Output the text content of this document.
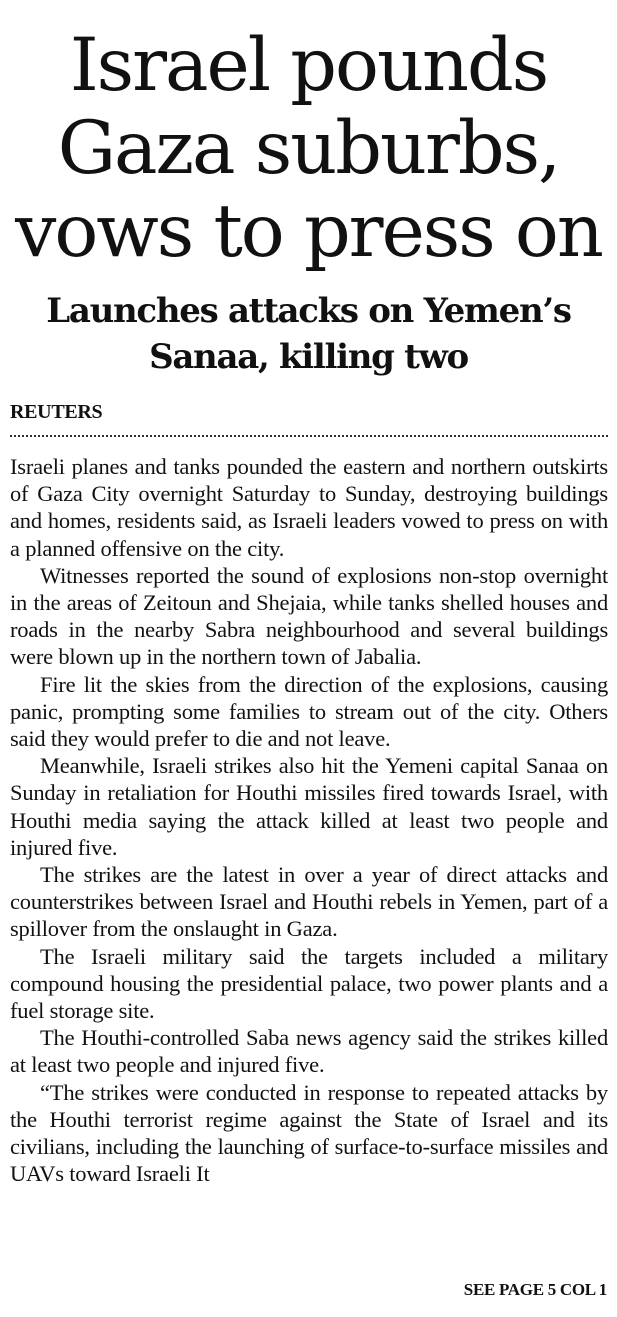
Israel pounds Gaza suburbs, vows to press on
Launches attacks on Yemen’s Sanaa, killing two
REUTERS

Israeli planes and tanks pounded the eastern and northern outskirts of Gaza City overnight Saturday to Sunday, destroying buildings and homes, residents said, as Israeli leaders vowed to press on with a planned offensive on the city.

Witnesses reported the sound of explosions non-stop overnight in the areas of Zeitoun and Shejaia, while tanks shelled houses and roads in the nearby Sabra neighbourhood and several buildings were blown up in the northern town of Jabalia.

Fire lit the skies from the direction of the explosions, causing panic, prompting some families to stream out of the city. Others said they would prefer to die and not leave.

Meanwhile, Israeli strikes also hit the Yemeni capital Sanaa on Sunday in retaliation for Houthi missiles fired towards Israel, with Houthi media saying the attack killed at least two people and injured five.

The strikes are the latest in over a year of direct attacks and counterstrikes between Israel and Houthi rebels in Yemen, part of a spillover from the onslaught in Gaza.

The Israeli military said the targets included a military compound housing the presidential palace, two power plants and a fuel storage site.

The Houthi-controlled Saba news agency said the strikes killed at least two people and injured five.

“The strikes were conducted in response to repeated attacks by the Houthi terrorist regime against the State of Israel and its civilians, including the launching of surface-to-surface missiles and UAVs toward Israeli It

SEE PAGE 5 COL 1
